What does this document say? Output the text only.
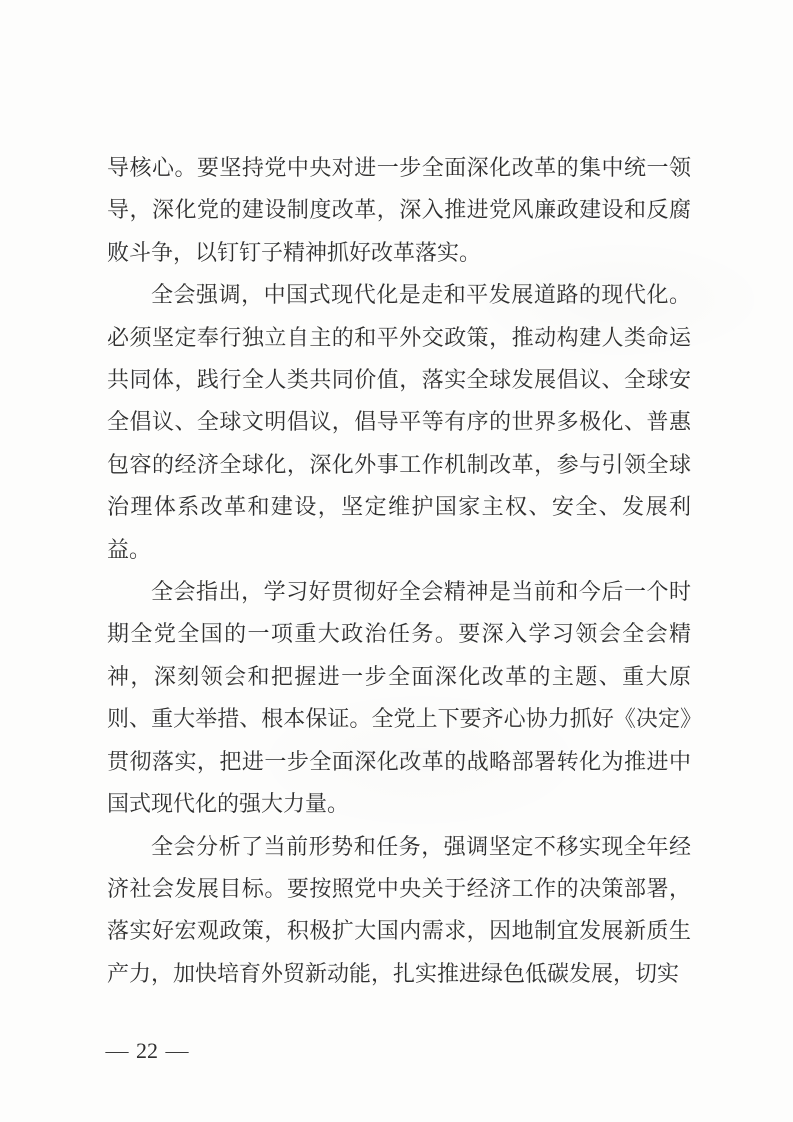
导核心。要坚持党中央对进一步全面深化改革的集中统一领导，深化党的建设制度改革，深入推进党风廉政建设和反腐败斗争，以钉钉子精神抓好改革落实。

全会强调，中国式现代化是走和平发展道路的现代化。必须坚定奉行独立自主的和平外交政策，推动构建人类命运共同体，践行全人类共同价值，落实全球发展倡议、全球安全倡议、全球文明倡议，倡导平等有序的世界多极化、普惠包容的经济全球化，深化外事工作机制改革，参与引领全球治理体系改革和建设，坚定维护国家主权、安全、发展利益。

全会指出，学习好贯彻好全会精神是当前和今后一个时期全党全国的一项重大政治任务。要深入学习领会全会精神，深刻领会和把握进一步全面深化改革的主题、重大原则、重大举措、根本保证。全党上下要齐心协力抓好《决定》贯彻落实，把进一步全面深化改革的战略部署转化为推进中国式现代化的强大力量。

全会分析了当前形势和任务，强调坚定不移实现全年经济社会发展目标。要按照党中央关于经济工作的决策部署，落实好宏观政策，积极扩大国内需求，因地制宜发展新质生产力，加快培育外贸新动能，扎实推进绿色低碳发展，切实

— 22 —
